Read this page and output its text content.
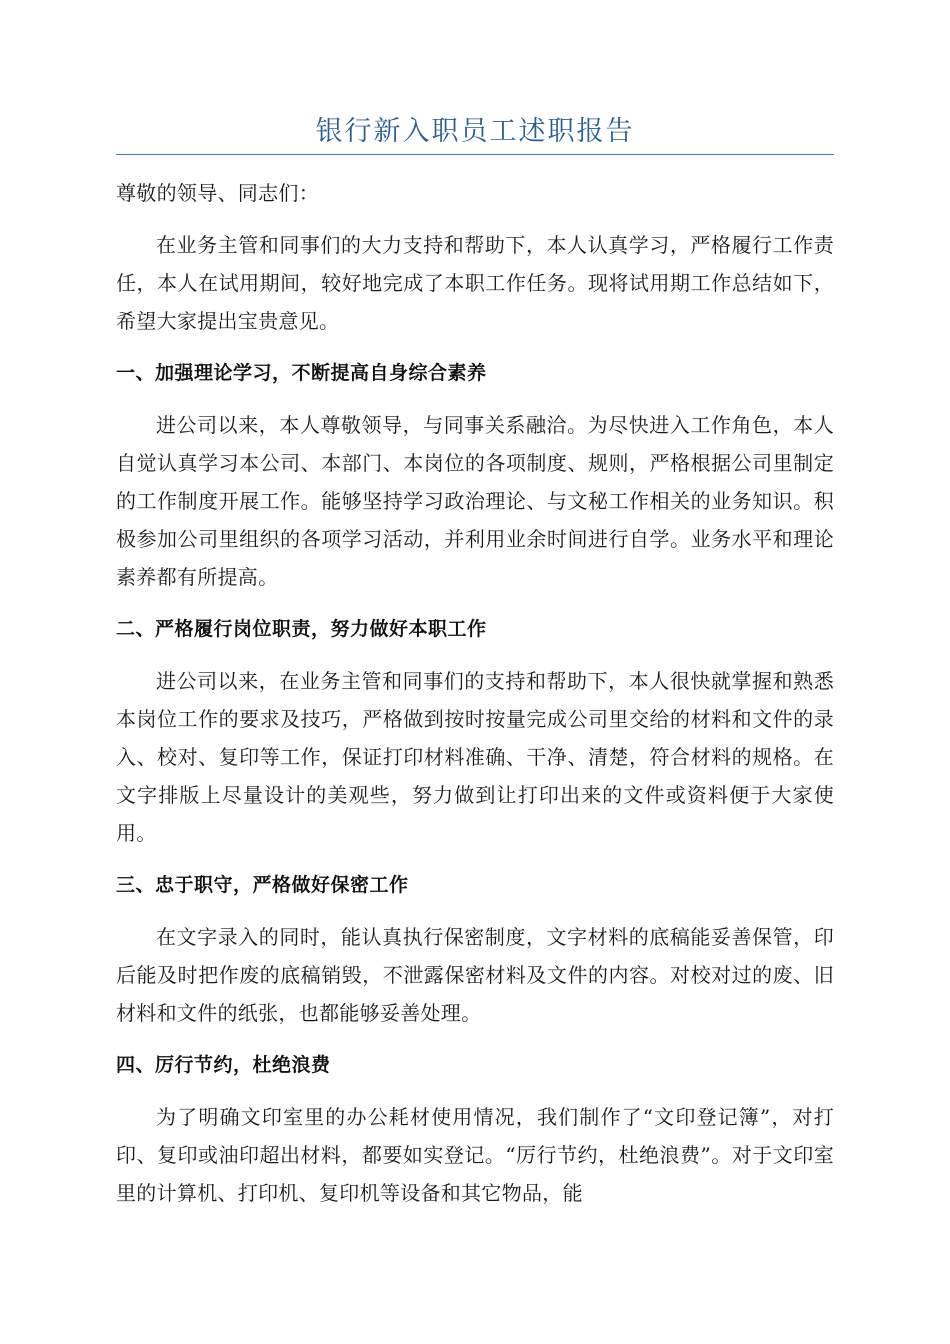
银行新入职员工述职报告

尊敬的领导、同志们：

在业务主管和同事们的大力支持和帮助下，本人认真学习，严格履行工作责任，本人在试用期间，较好地完成了本职工作任务。现将试用期工作总结如下，希望大家提出宝贵意见。

一、加强理论学习，不断提高自身综合素养

进公司以来，本人尊敬领导，与同事关系融洽。为尽快进入工作角色，本人自觉认真学习本公司、本部门、本岗位的各项制度、规则，严格根据公司里制定的工作制度开展工作。能够坚持学习政治理论、与文秘工作相关的业务知识。积极参加公司里组织的各项学习活动，并利用业余时间进行自学。业务水平和理论素养都有所提高。

二、严格履行岗位职责，努力做好本职工作

进公司以来，在业务主管和同事们的支持和帮助下，本人很快就掌握和熟悉本岗位工作的要求及技巧，严格做到按时按量完成公司里交给的材料和文件的录入、校对、复印等工作，保证打印材料准确、干净、清楚，符合材料的规格。在文字排版上尽量设计的美观些，努力做到让打印出来的文件或资料便于大家使用。

三、忠于职守，严格做好保密工作

在文字录入的同时，能认真执行保密制度，文字材料的底稿能妥善保管，印后能及时把作废的底稿销毁，不泄露保密材料及文件的内容。对校对过的废、旧材料和文件的纸张，也都能够妥善处理。

四、厉行节约，杜绝浪费

为了明确文印室里的办公耗材使用情况，我们制作了“文印登记簿”，对打印、复印或油印超出材料，都要如实登记。“厉行节约，杜绝浪费”。对于文印室里的计算机、打印机、复印机等设备和其它物品，能
